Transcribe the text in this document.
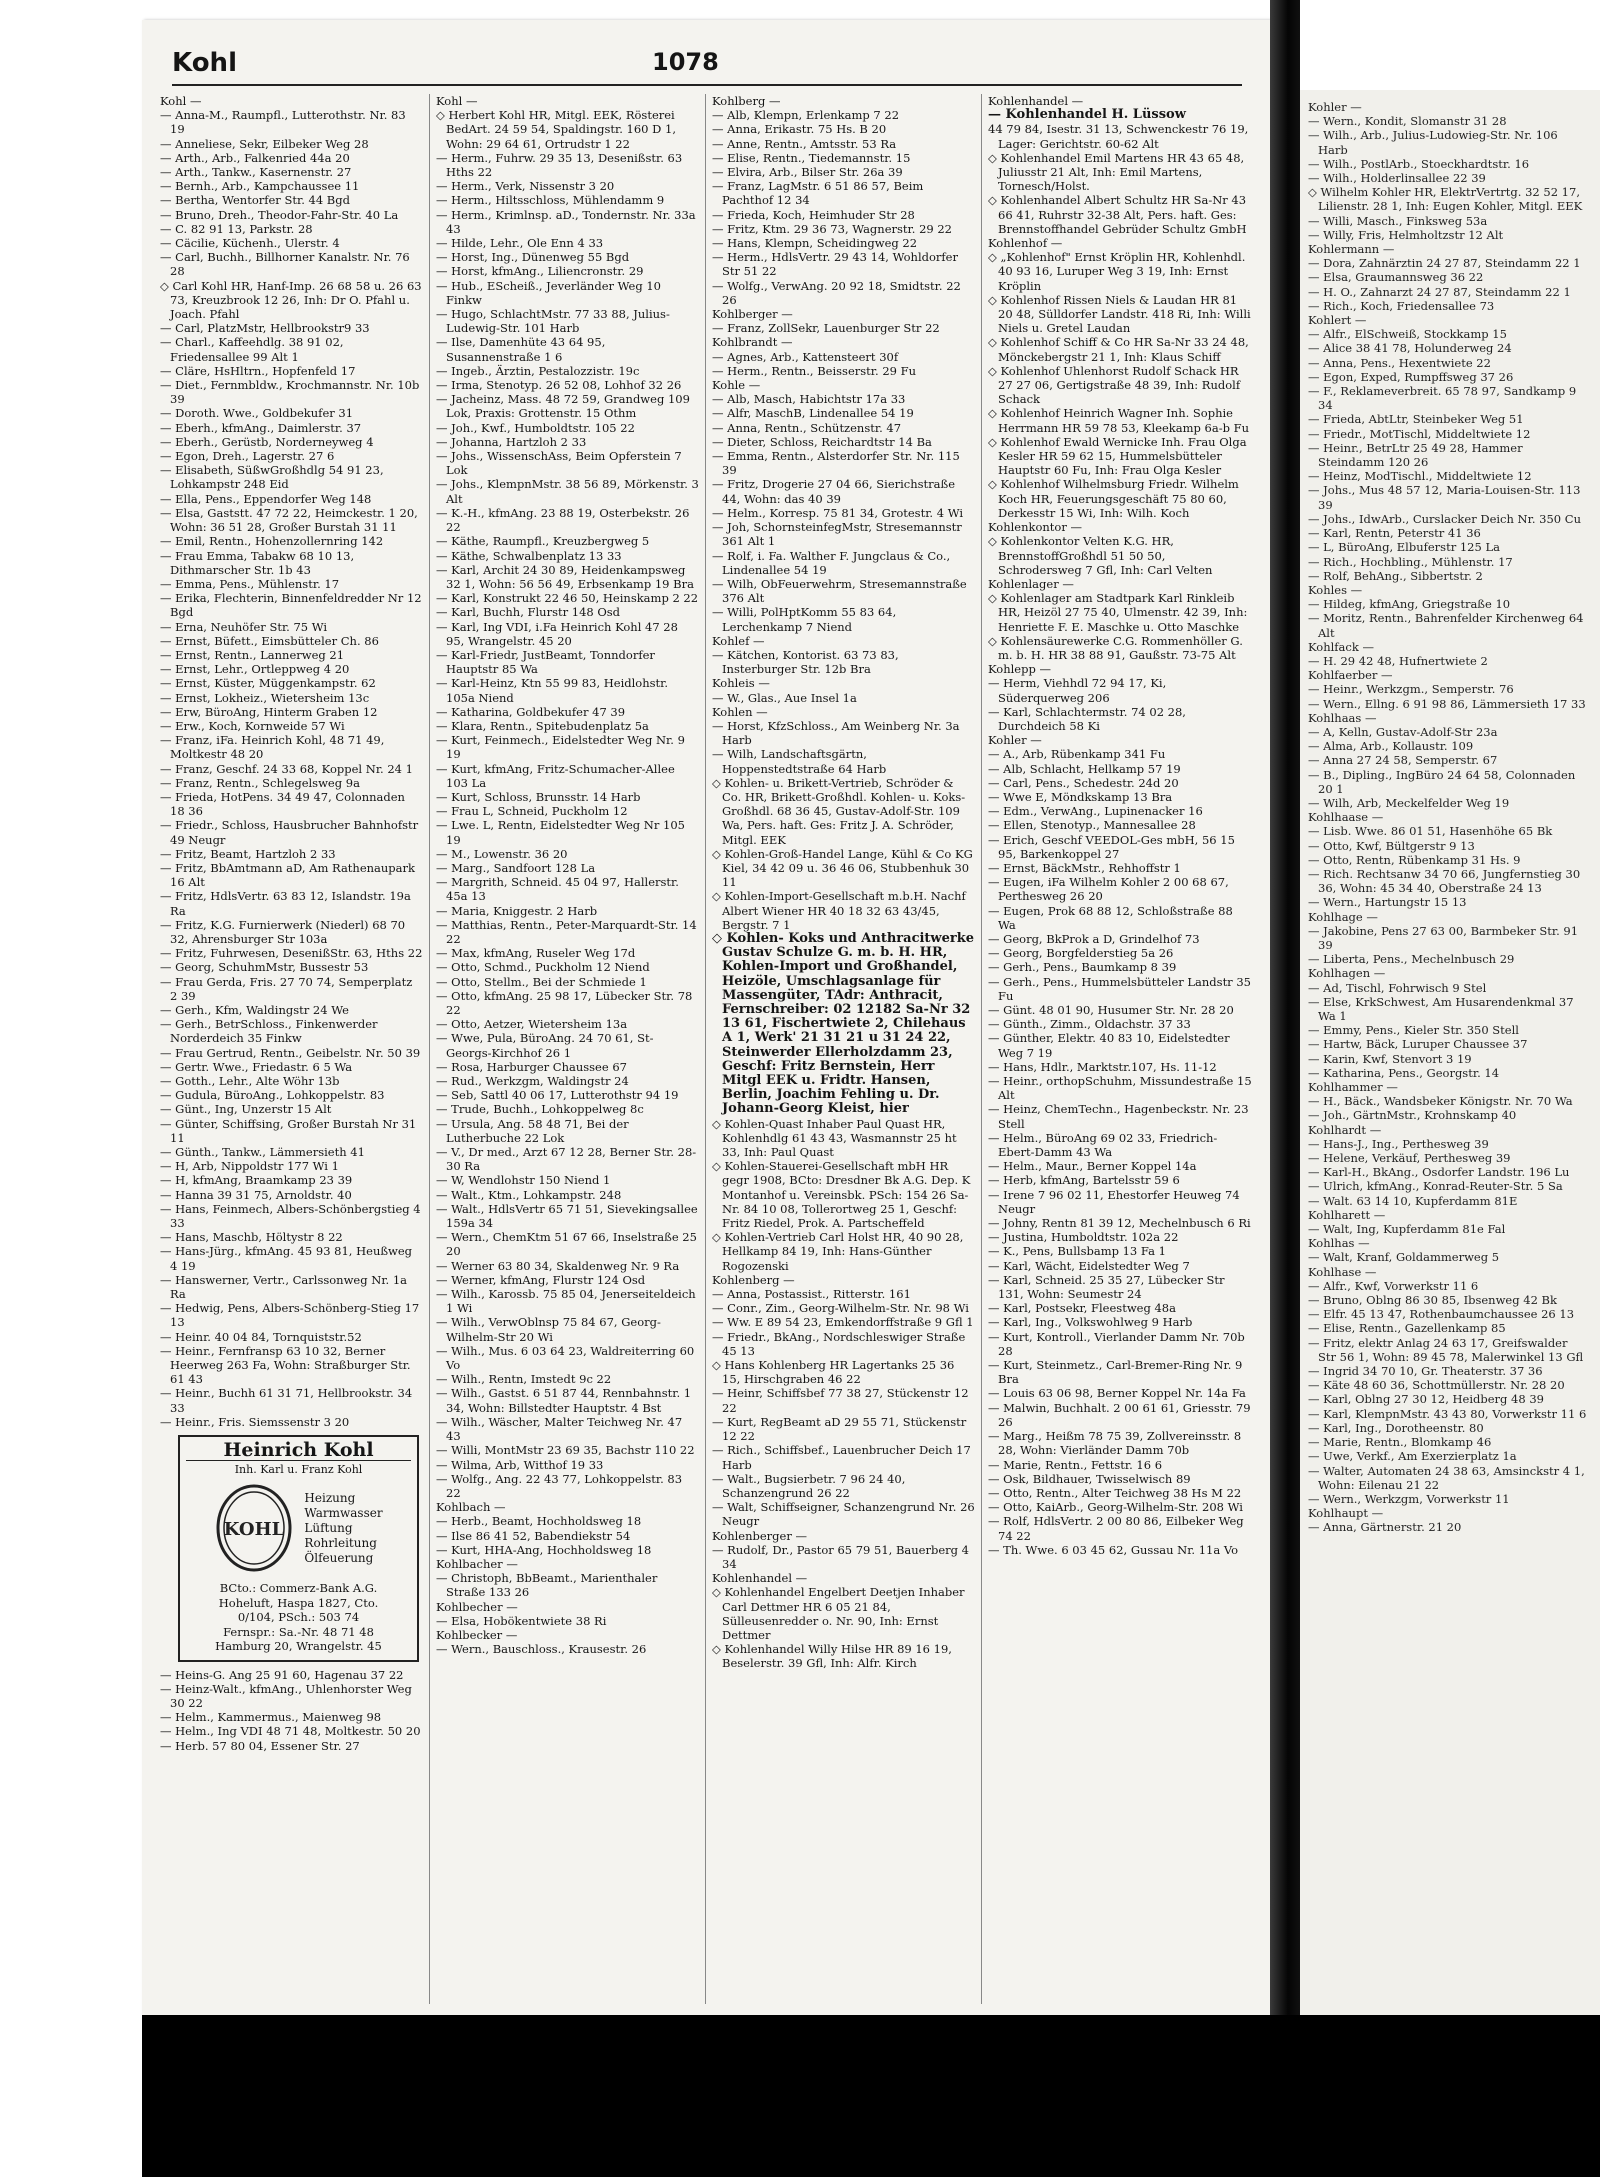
Kohl	1078

Kohl —

— Anna-M., Raumpfl., Lutterothstr. Nr. 83 19

— Anneliese, Sekr, Eilbeker Weg 28

— Arth., Arb., Falkenried 44a 20

— Arth., Tankw., Kasernenstr. 27

— Bernh., Arb., Kampchaussee 11

— Bertha, Wentorfer Str. 44 Bgd

— Bruno, Dreh., Theodor-Fahr-Str. 40 La

— C. 82 91 13, Parkstr. 28

— Cäcilie, Küchenh., Ulerstr. 4

— Carl, Buchh., Billhorner Kanalstr. Nr. 76 28

◇ Carl Kohl HR, Hanf-Imp. 26 68 58 u. 26 63 73, Kreuzbrook 12 26, Inh: Dr O. Pfahl u. Joach. Pfahl

— Carl, PlatzMstr, Hellbrookstr9 33

— Charl., Kaffeehdlg. 38 91 02, Friedensallee 99 Alt 1

— Cläre, HsHltrn., Hopfenfeld 17

— Diet., Fernmbldw., Krochmannstr. Nr. 10b 39

— Doroth. Wwe., Goldbekufer 31

— Eberh., kfmAng., Daimlerstr. 37

— Eberh., Gerüstb, Norderneyweg 4

— Egon, Dreh., Lagerstr. 27 6

— Elisabeth, SüßwGroßhdlg 54 91 23, Lohkampstr 248 Eid

— Ella, Pens., Eppendorfer Weg 148

— Elsa, Gaststt. 47 72 22, Heimckestr. 1 20, Wohn: 36 51 28, Großer Burstah 31 11

— Emil, Rentn., Hohenzollernring 142

— Frau Emma, Tabakw 68 10 13, Dithmarscher Str. 1b 43

— Emma, Pens., Mühlenstr. 17

— Erika, Flechterin, Binnenfeldredder Nr 12 Bgd

— Erna, Neuhöfer Str. 75 Wi

— Ernst, Büfett., Eimsbütteler Ch. 86

— Ernst, Rentn., Lannerweg 21

— Ernst, Lehr., Ortleppweg 4 20

— Ernst, Küster, Müggenkampstr. 62

— Ernst, Lokheiz., Wietersheim 13c

— Erw, BüroAng, Hinterm Graben 12

— Erw., Koch, Kornweide 57 Wi

— Franz, iFa. Heinrich Kohl, 48 71 49, Moltkestr 48 20

— Franz, Geschf. 24 33 68, Koppel Nr. 24 1

— Franz, Rentn., Schlegelsweg 9a

— Frieda, HotPens. 34 49 47, Colonnaden 18 36

— Friedr., Schloss, Hausbrucher Bahnhofstr 49 Neugr

— Fritz, Beamt, Hartzloh 2 33

— Fritz, BbAmtmann aD, Am Rathenaupark 16 Alt

— Fritz, HdlsVertr. 63 83 12, Islandstr. 19a Ra

— Fritz, K.G. Furnierwerk (Niederl) 68 70 32, Ahrensburger Str 103a

— Fritz, Fuhrwesen, DesenißStr. 63, Hths 22

— Georg, SchuhmMstr, Bussestr 53

— Frau Gerda, Fris. 27 70 74, Semperplatz 2 39

— Gerh., Kfm, Waldingstr 24 We

— Gerh., BetrSchloss., Finkenwerder Norderdeich 35 Finkw

— Frau Gertrud, Rentn., Geibelstr. Nr. 50 39

— Gertr. Wwe., Friedastr. 6 5 Wa

— Gotth., Lehr., Alte Wöhr 13b

— Gudula, BüroAng., Lohkoppelstr. 83

— Günt., Ing, Unzerstr 15 Alt

— Günter, Schiffsing, Großer Burstah Nr 31 11

— Günth., Tankw., Lämmersieth 41

— H, Arb, Nippoldstr 177 Wi 1

— H, kfmAng, Braamkamp 23 39

— Hanna 39 31 75, Arnoldstr. 40

— Hans, Feinmech, Albers-Schönbergstieg 4 33

— Hans, Maschb, Höltystr 8 22

— Hans-Jürg., kfmAng. 45 93 81, Heußweg 4 19

— Hanswerner, Vertr., Carlssonweg Nr. 1a Ra

— Hedwig, Pens, Albers-Schönberg-Stieg 17 13

— Heinr. 40 04 84, Tornquiststr.52

— Heinr., Fernfransp 63 10 32, Berner Heerweg 263 Fa, Wohn: Straßburger Str. 61 43

— Heinr., Buchh 61 31 71, Hellbrookstr. 34 33

— Heinr., Fris. Siemssenstr 3 20

Heinrich Kohl
Inh. Karl u. Franz Kohl
KOHL
Heizung
Warmwasser
Lüftung
Rohrleitung
Ölfeuerung
BCto.: Commerz-Bank A.G.
Hoheluft, Haspa 1827, Cto.
0/104, PSch.: 503 74
Fernspr.: Sa.-Nr. 48 71 48
Hamburg 20, Wrangelstr. 45

— Heins-G. Ang 25 91 60, Hagenau 37 22

— Heinz-Walt., kfmAng., Uhlenhorster Weg 30 22

— Helm., Kammermus., Maienweg 98

— Helm., Ing VDI 48 71 48, Moltkestr. 50 20

— Herb. 57 80 04, Essener Str. 27

Kohl —

◇ Herbert Kohl HR, Mitgl. EEK, Rösterei BedArt. 24 59 54, Spaldingstr. 160 D 1, Wohn: 29 64 61, Ortrudstr 1 22

— Herm., Fuhrw. 29 35 13, Desenißstr. 63 Hths 22

— Herm., Verk, Nissenstr 3 20

— Herm., Hiltsschloss, Mühlendamm 9

— Herm., Krimlnsp. aD., Tondernstr. Nr. 33a 43

— Hilde, Lehr., Ole Enn 4 33

— Horst, Ing., Dünenweg 55 Bgd

— Horst, kfmAng., Liliencronstr. 29

— Hub., EScheiß., Jeverländer Weg 10 Finkw

— Hugo, SchlachtMstr. 77 33 88, Julius-Ludewig-Str. 101 Harb

— Ilse, Damenhüte 43 64 95, Susannenstraße 1 6

— Ingeb., Ärztin, Pestalozzistr. 19c

— Irma, Stenotyp. 26 52 08, Lohhof 32 26

— Jacheinz, Mass. 48 72 59, Grandweg 109 Lok, Praxis: Grottenstr. 15 Othm

— Joh., Kwf., Humboldtstr. 105 22

— Johanna, Hartzloh 2 33

— Johs., WissenschAss, Beim Opferstein 7 Lok

— Johs., KlempnMstr. 38 56 89, Mörkenstr. 3 Alt

— K.-H., kfmAng. 23 88 19, Osterbekstr. 26 22

— Käthe, Raumpfl., Kreuzbergweg 5

— Käthe, Schwalbenplatz 13 33

— Karl, Archit 24 30 89, Heidenkampsweg 32 1, Wohn: 56 56 49, Erbsenkamp 19 Bra

— Karl, Konstrukt 22 46 50, Heinskamp 2 22

— Karl, Buchh, Flurstr 148 Osd

— Karl, Ing VDI, i.Fa Heinrich Kohl 47 28 95, Wrangelstr. 45 20

— Karl-Friedr, JustBeamt, Tonndorfer Hauptstr 85 Wa

— Karl-Heinz, Ktn 55 99 83, Heidlohstr. 105a Niend

— Katharina, Goldbekufer 47 39

— Klara, Rentn., Spitebudenplatz 5a

— Kurt, Feinmech., Eidelstedter Weg Nr. 9 19

— Kurt, kfmAng, Fritz-Schumacher-Allee 103 La

— Kurt, Schloss, Brunsstr. 14 Harb

— Frau L, Schneid, Puckholm 12

— Lwe. L, Rentn, Eidelstedter Weg Nr 105 19

— M., Lowenstr. 36 20

— Marg., Sandfoort 128 La

— Margrith, Schneid. 45 04 97, Hallerstr. 45a 13

— Maria, Kniggestr. 2 Harb

— Matthias, Rentn., Peter-Marquardt-Str. 14 22

— Max, kfmAng, Ruseler Weg 17d

— Otto, Schmd., Puckholm 12 Niend

— Otto, Stellm., Bei der Schmiede 1

— Otto, kfmAng. 25 98 17, Lübecker Str. 78 22

— Otto, Aetzer, Wietersheim 13a

— Wwe, Pula, BüroAng. 24 70 61, St-Georgs-Kirchhof 26 1

— Rosa, Harburger Chaussee 67

— Rud., Werkzgm, Waldingstr 24

— Seb, Sattl 40 06 17, Lutterothstr 94 19

— Trude, Buchh., Lohkoppelweg 8c

— Ursula, Ang. 58 48 71, Bei der Lutherbuche 22 Lok

— V., Dr med., Arzt 67 12 28, Berner Str. 28-30 Ra

— W, Wendlohstr 150 Niend 1

— Walt., Ktm., Lohkampstr. 248

— Walt., HdlsVertr 65 71 51, Sievekingsallee 159a 34

— Wern., ChemKtm 51 67 66, Inselstraße 25 20

— Werner 63 80 34, Skaldenweg Nr. 9 Ra

— Werner, kfmAng, Flurstr 124 Osd

— Wilh., Karossb. 75 85 04, Jenerseiteldeich 1 Wi

— Wilh., VerwOblnsp 75 84 67, Georg-Wilhelm-Str 20 Wi

— Wilh., Mus. 6 03 64 23, Waldreiterring 60 Vo

— Wilh., Rentn, Imstedt 9c 22

— Wilh., Gastst. 6 51 87 44, Rennbahnstr. 1 34, Wohn: Billstedter Hauptstr. 4 Bst

— Wilh., Wäscher, Malter Teichweg Nr. 47 43

— Willi, MontMstr 23 69 35, Bachstr 110 22

— Wilma, Arb, Witthof 19 33

— Wolfg., Ang. 22 43 77, Lohkoppelstr. 83 22

Kohlbach —

— Herb., Beamt, Hochholdsweg 18

— Ilse 86 41 52, Babendiekstr 54

— Kurt, HHA-Ang, Hochholdsweg 18

Kohlbacher —

— Christoph, BbBeamt., Marienthaler Straße 133 26

Kohlbecher —

— Elsa, Hobökentwiete 38 Ri

Kohlbecker —

— Wern., Bauschloss., Krausestr. 26

Kohlberg —

— Alb, Klempn, Erlenkamp 7 22

— Anna, Erikastr. 75 Hs. B 20

— Anne, Rentn., Amtsstr. 53 Ra

— Elise, Rentn., Tiedemannstr. 15

— Elvira, Arb., Bilser Str. 26a 39

— Franz, LagMstr. 6 51 86 57, Beim Pachthof 12 34

— Frieda, Koch, Heimhuder Str 28

— Fritz, Ktm. 29 36 73, Wagnerstr. 29 22

— Hans, Klempn, Scheidingweg 22

— Herm., HdlsVertr. 29 43 14, Wohldorfer Str 51 22

— Wolfg., VerwAng. 20 92 18, Smidtstr. 22 26

Kohlberger —

— Franz, ZollSekr, Lauenburger Str 22

Kohlbrandt —

— Agnes, Arb., Kattensteert 30f

— Herm., Rentn., Beisserstr. 29 Fu

Kohle —

— Alb, Masch, Habichtstr 17a 33

— Alfr, MaschB, Lindenallee 54 19

— Anna, Rentn., Schützenstr. 47

— Dieter, Schloss, Reichardtstr 14 Ba

— Emma, Rentn., Alsterdorfer Str. Nr. 115 39

— Fritz, Drogerie 27 04 66, Sierichstraße 44, Wohn: das 40 39

— Helm., Korresp. 75 81 34, Grotestr. 4 Wi

— Joh, SchornsteinfegMstr, Stresemannstr 361 Alt 1

— Rolf, i. Fa. Walther F. Jungclaus & Co., Lindenallee 54 19

— Wilh, ObFeuerwehrm, Stresemannstraße 376 Alt

— Willi, PolHptKomm 55 83 64, Lerchenkamp 7 Niend

Kohlef —

— Kätchen, Kontorist. 63 73 83, Insterburger Str. 12b Bra

Kohleis —

— W., Glas., Aue Insel 1a

Kohlen —

— Horst, KfzSchloss., Am Weinberg Nr. 3a Harb

— Wilh, Landschaftsgärtn, Hoppenstedtstraße 64 Harb

◇ Kohlen- u. Brikett-Vertrieb, Schröder & Co. HR, Brikett-Großhdl. Kohlen- u. Koks-Großhdl. 68 36 45, Gustav-Adolf-Str. 109 Wa, Pers. haft. Ges: Fritz J. A. Schröder, Mitgl. EEK

◇ Kohlen-Groß-Handel Lange, Kühl & Co KG Kiel, 34 42 09 u. 36 46 06, Stubbenhuk 30 11

◇ Kohlen-Import-Gesellschaft m.b.H. Nachf Albert Wiener HR 40 18 32 63 43/45, Bergstr. 7 1

◇ Kohlen- Koks und Anthracitwerke Gustav Schulze G. m. b. H. HR, Kohlen-Import und Großhandel, Heizöle, Umschlagsanlage für Massengüter, TAdr: Anthracit, Fernschreiber: 02 12182 Sa-Nr 32 13 61, Fischertwiete 2, Chilehaus A 1, Werk' 21 31 21 u 31 24 22, Steinwerder Ellerholzdamm 23, Geschf: Fritz Bernstein, Herr Mitgl EEK u. Fridtr. Hansen, Berlin, Joachim Fehling u. Dr. Johann-Georg Kleist, hier

◇ Kohlen-Quast Inhaber Paul Quast HR, Kohlenhdlg 61 43 43, Wasmannstr 25 ht 33, Inh: Paul Quast

◇ Kohlen-Stauerei-Gesellschaft mbH HR gegr 1908, BCto: Dresdner Bk A.G. Dep. K Montanhof u. Vereinsbk. PSch: 154 26 Sa-Nr. 84 10 08, Tollerortweg 25 1, Geschf: Fritz Riedel, Prok. A. Partscheffeld

◇ Kohlen-Vertrieb Carl Holst HR, 40 90 28, Hellkamp 84 19, Inh: Hans-Günther Rogozenski

Kohlenberg —

— Anna, Postassist., Ritterstr. 161

— Conr., Zim., Georg-Wilhelm-Str. Nr. 98 Wi

— Ww. E 89 54 23, Emkendorffstraße 9 Gfl 1

— Friedr., BkAng., Nordschleswiger Straße 45 13

◇ Hans Kohlenberg HR Lagertanks 25 36 15, Hirschgraben 46 22

— Heinr, Schiffsbef 77 38 27, Stückenstr 12 22

— Kurt, RegBeamt aD 29 55 71, Stückenstr 12 22

— Rich., Schiffsbef., Lauenbrucher Deich 17 Harb

— Walt., Bugsierbetr. 7 96 24 40, Schanzengrund 26 22

— Walt, Schiffseigner, Schanzengrund Nr. 26 Neugr

Kohlenberger —

— Rudolf, Dr., Pastor 65 79 51, Bauerberg 4 34

Kohlenhandel —

◇ Kohlenhandel Engelbert Deetjen Inhaber Carl Dettmer HR 6 05 21 84, Sülleusenredder o. Nr. 90, Inh: Ernst Dettmer

◇ Kohlenhandel Willy Hilse HR 89 16 19, Beselerstr. 39 Gfl, Inh: Alfr. Kirch

Kohlenhandel —

— Kohlenhandel H. Lüssow

44 79 84, Isestr. 31 13, Schwenckestr 76 19, Lager: Gerichtstr. 60-62 Alt

◇ Kohlenhandel Emil Martens HR 43 65 48, Juliusstr 21 Alt, Inh: Emil Martens, Tornesch/Holst.

◇ Kohlenhandel Albert Schultz HR Sa-Nr 43 66 41, Ruhrstr 32-38 Alt, Pers. haft. Ges: Brennstoffhandel Gebrüder Schultz GmbH

Kohlenhof —

◇ „Kohlenhof" Ernst Kröplin HR, Kohlenhdl. 40 93 16, Luruper Weg 3 19, Inh: Ernst Kröplin

◇ Kohlenhof Rissen Niels & Laudan HR 81 20 48, Sülldorfer Landstr. 418 Ri, Inh: Willi Niels u. Gretel Laudan

◇ Kohlenhof Schiff & Co HR Sa-Nr 33 24 48, Mönckebergstr 21 1, Inh: Klaus Schiff

◇ Kohlenhof Uhlenhorst Rudolf Schack HR 27 27 06, Gertigstraße 48 39, Inh: Rudolf Schack

◇ Kohlenhof Heinrich Wagner Inh. Sophie Herrmann HR 59 78 53, Kleekamp 6a-b Fu

◇ Kohlenhof Ewald Wernicke Inh. Frau Olga Kesler HR 59 62 15, Hummelsbütteler Hauptstr 60 Fu, Inh: Frau Olga Kesler

◇ Kohlenhof Wilhelmsburg Friedr. Wilhelm Koch HR, Feuerungsgeschäft 75 80 60, Derkesstr 15 Wi, Inh: Wilh. Koch

Kohlenkontor —

◇ Kohlenkontor Velten K.G. HR, BrennstoffGroßhdl 51 50 50, Schrodersweg 7 Gfl, Inh: Carl Velten

Kohlenlager —

◇ Kohlenlager am Stadtpark Karl Rinkleib HR, Heizöl 27 75 40, Ulmenstr. 42 39, Inh: Henriette F. E. Maschke u. Otto Maschke

◇ Kohlensäurewerke C.G. Rommenhöller G. m. b. H. HR 38 88 91, Gaußstr. 73-75 Alt

Kohlepp —

— Herm, Viehhdl 72 94 17, Ki, Süderquerweg 206

— Karl, Schlachtermstr. 74 02 28, Durchdeich 58 Ki

Kohler —

— A., Arb, Rübenkamp 341 Fu

— Alb, Schlacht, Hellkamp 57 19

— Carl, Pens., Schedestr. 24d 20

— Wwe E, Möndkskamp 13 Bra

— Edm., VerwAng., Lupinenacker 16

— Ellen, Stenotyp., Mannesallee 28

— Erich, Geschf VEEDOL-Ges mbH, 56 15 95, Barkenkoppel 27

— Ernst, BäckMstr., Rehhoffstr 1

— Eugen, iFa Wilhelm Kohler 2 00 68 67, Perthesweg 26 20

— Eugen, Prok 68 88 12, Schloßstraße 88 Wa

— Georg, BkProk a D, Grindelhof 73

— Georg, Borgfelderstieg 5a 26

— Gerh., Pens., Baumkamp 8 39

— Gerh., Pens., Hummelsbütteler Landstr 35 Fu

— Günt. 48 01 90, Husumer Str. Nr. 28 20

— Günth., Zimm., Oldachstr. 37 33

— Günther, Elektr. 40 83 10, Eidelstedter Weg 7 19

— Hans, Hdlr., Marktstr.107, Hs. 11-12

— Heinr., orthopSchuhm, Missundestraße 15 Alt

— Heinz, ChemTechn., Hagenbeckstr. Nr. 23 Stell

— Helm., BüroAng 69 02 33, Friedrich-Ebert-Damm 43 Wa

— Helm., Maur., Berner Koppel 14a

— Herb, kfmAng, Bartelsstr 59 6

— Irene 7 96 02 11, Ehestorfer Heuweg 74 Neugr

— Johny, Rentn 81 39 12, Mechelnbusch 6 Ri

— Justina, Humboldtstr. 102a 22

— K., Pens, Bullsbamp 13 Fa 1

— Karl, Wächt, Eidelstedter Weg 7

— Karl, Schneid. 25 35 27, Lübecker Str 131, Wohn: Seumestr 24

— Karl, Postsekr, Fleestweg 48a

— Karl, Ing., Volkswohlweg 9 Harb

— Kurt, Kontroll., Vierlander Damm Nr. 70b 28

— Kurt, Steinmetz., Carl-Bremer-Ring Nr. 9 Bra

— Louis 63 06 98, Berner Koppel Nr. 14a Fa

— Malwin, Buchhalt. 2 00 61 61, Griesstr. 79 26

— Marg., Heißm 78 75 39, Zollvereinsstr. 8 28, Wohn: Vierländer Damm 70b

— Marie, Rentn., Fettstr. 16 6

— Osk, Bildhauer, Twisselwisch 89

— Otto, Rentn., Alter Teichweg 38 Hs M 22

— Otto, KaiArb., Georg-Wilhelm-Str. 208 Wi

— Rolf, HdlsVertr. 2 00 80 86, Eilbeker Weg 74 22

— Th. Wwe. 6 03 45 62, Gussau Nr. 11a Vo

Kohler —

— Wern., Kondit, Slomanstr 31 28

— Wilh., Arb., Julius-Ludowieg-Str. Nr. 106 Harb

— Wilh., PostlArb., Stoeckhardtstr. 16

— Wilh., Holderlinsallee 22 39

◇ Wilhelm Kohler HR, ElektrVertrtg. 32 52 17, Lilienstr. 28 1, Inh: Eugen Kohler, Mitgl. EEK

— Willi, Masch., Finksweg 53a

— Willy, Fris, Helmholtzstr 12 Alt

Kohlermann —

— Dora, Zahnärztin 24 27 87, Steindamm 22 1

— Elsa, Graumannsweg 36 22

— H. O., Zahnarzt 24 27 87, Steindamm 22 1

— Rich., Koch, Friedensallee 73

Kohlert —

— Alfr., ElSchweiß, Stockkamp 15

— Alice 38 41 78, Holunderweg 24

— Anna, Pens., Hexentwiete 22

— Egon, Exped, Rumpffsweg 37 26

— F., Reklameverbreit. 65 78 97, Sandkamp 9 34

— Frieda, AbtLtr, Steinbeker Weg 51

— Friedr., MotTischl, Middeltwiete 12

— Heinr., BetrLtr 25 49 28, Hammer Steindamm 120 26

— Heinz, ModTischl., Middeltwiete 12

— Johs., Mus 48 57 12, Maria-Louisen-Str. 113 39

— Johs., IdwArb., Curslacker Deich Nr. 350 Cu

— Karl, Rentn, Peterstr 41 36

— L, BüroAng, Elbuferstr 125 La

— Rich., Hochbling., Mühlenstr. 17

— Rolf, BehAng., Sibbertstr. 2

Kohles —

— Hildeg, kfmAng, Griegstraße 10

— Moritz, Rentn., Bahrenfelder Kirchenweg 64 Alt

Kohlfack —

— H. 29 42 48, Hufnertwiete 2

Kohlfaerber —

— Heinr., Werkzgm., Semperstr. 76

— Wern., Ellng. 6 91 98 86, Lämmersieth 17 33

Kohlhaas —

— A, Kelln, Gustav-Adolf-Str 23a

— Alma, Arb., Kollaustr. 109

— Anna 27 24 58, Semperstr. 67

— B., Dipling., IngBüro 24 64 58, Colonnaden 20 1

— Wilh, Arb, Meckelfelder Weg 19

Kohlhaase —

— Lisb. Wwe. 86 01 51, Hasenhöhe 65 Bk

— Otto, Kwf, Bültgerstr 9 13

— Otto, Rentn, Rübenkamp 31 Hs. 9

— Rich. Rechtsanw 34 70 66, Jungfernstieg 30 36, Wohn: 45 34 40, Oberstraße 24 13

— Wern., Hartungstr 15 13

Kohlhage —

— Jakobine, Pens 27 63 00, Barmbeker Str. 91 39

— Liberta, Pens., Mechelnbusch 29

Kohlhagen —

— Ad, Tischl, Fohrwisch 9 Stel

— Else, KrkSchwest, Am Husarendenkmal 37 Wa 1

— Emmy, Pens., Kieler Str. 350 Stell

— Hartw, Bäck, Luruper Chaussee 37

— Karin, Kwf, Stenvort 3 19

— Katharina, Pens., Georgstr. 14

Kohlhammer —

— H., Bäck., Wandsbeker Königstr. Nr. 70 Wa

— Joh., GärtnMstr., Krohnskamp 40

Kohlhardt —

— Hans-J., Ing., Perthesweg 39

— Helene, Verkäuf, Perthesweg 39

— Karl-H., BkAng., Osdorfer Landstr. 196 Lu

— Ulrich, kfmAng., Konrad-Reuter-Str. 5 Sa

— Walt. 63 14 10, Kupferdamm 81E

Kohlharett —

— Walt, Ing, Kupferdamm 81e Fal

Kohlhas —

— Walt, Kranf, Goldammerweg 5

Kohlhase —

— Alfr., Kwf, Vorwerkstr 11 6

— Bruno, Oblng 86 30 85, Ibsenweg 42 Bk

— Elfr. 45 13 47, Rothenbaumchaussee 26 13

— Elise, Rentn., Gazellenkamp 85

— Fritz, elektr Anlag 24 63 17, Greifswalder Str 56 1, Wohn: 89 45 78, Malerwinkel 13 Gfl

— Ingrid 34 70 10, Gr. Theaterstr. 37 36

— Käte 48 60 36, Schottmüllerstr. Nr. 28 20

— Karl, Oblng 27 30 12, Heidberg 48 39

— Karl, KlempnMstr. 43 43 80, Vorwerkstr 11 6

— Karl, Ing., Dorotheenstr. 80

— Marie, Rentn., Blomkamp 46

— Uwe, Verkf., Am Exerzierplatz 1a

— Walter, Automaten 24 38 63, Amsinckstr 4 1, Wohn: Eilenau 21 22

— Wern., Werkzgm, Vorwerkstr 11

Kohlhaupt —

— Anna, Gärtnerstr. 21 20
